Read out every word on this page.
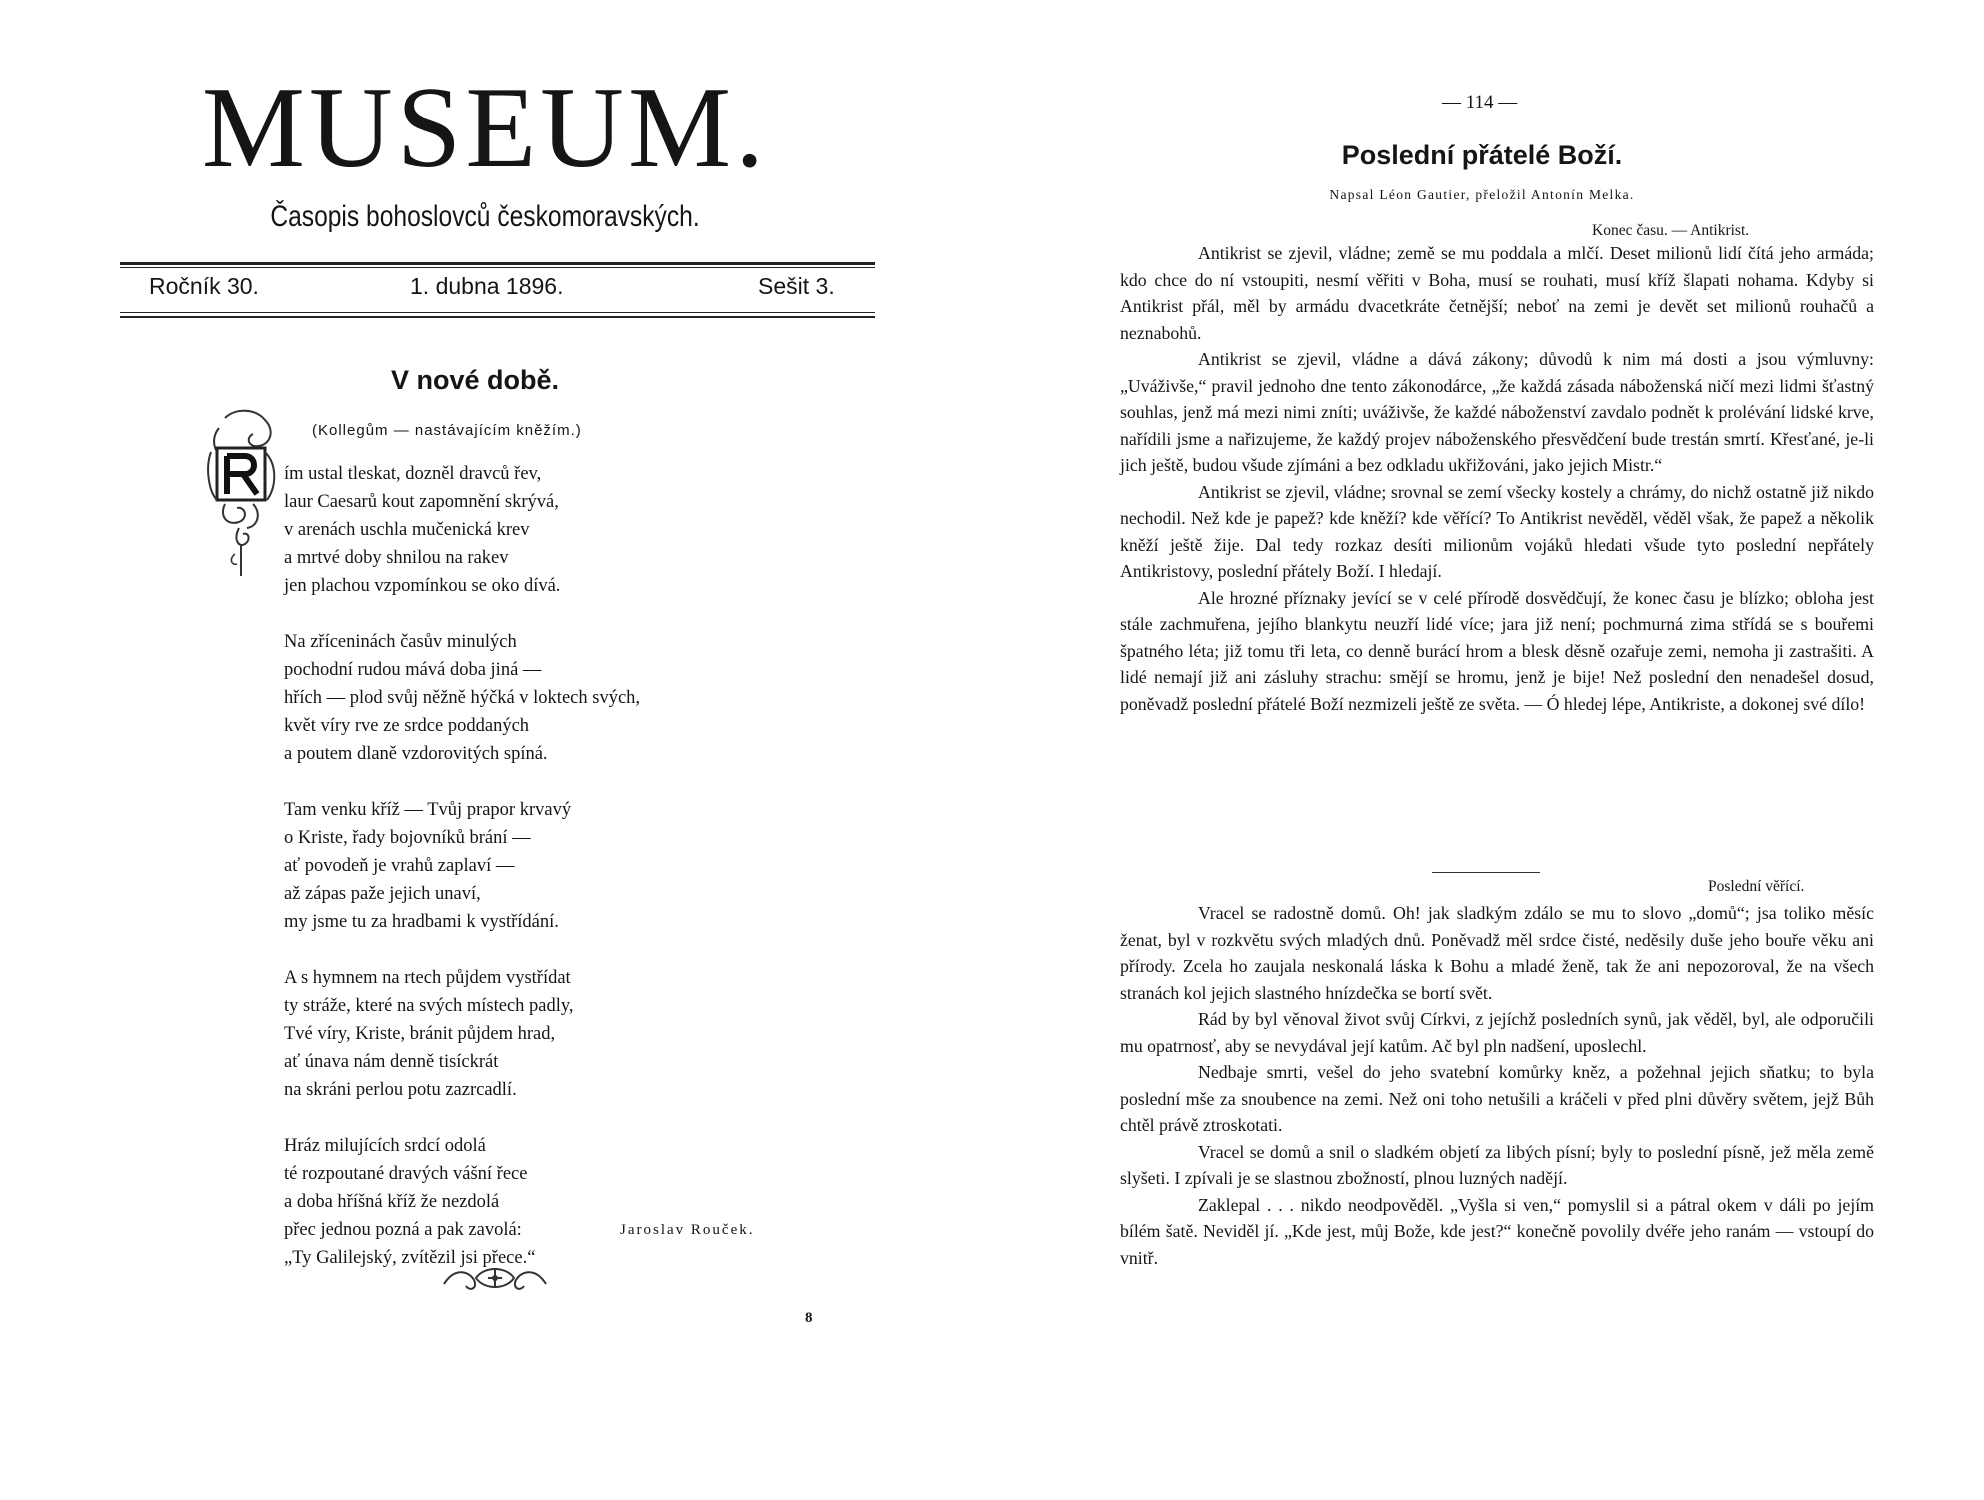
MUSEUM.
Časopis bohoslovců českomoravských.
Ročník 30.	1. dubna 1896.	Sešit 3.
V nové době.
(Kollegům — nastávajícím kněžím.)
ím ustal tleskat, dozněl dravců řev,
laur Caesarů kout zapomnění skrývá,
v arenách uschla mučenická krev
a mrtvé doby shnilou na rakev
jen plachou vzpomínkou se oko dívá.
Na zříceninách časův minulých
pochodní rudou mává doba jiná —
hřích — plod svůj něžně hýčká v loktech svých,
květ víry rve ze srdce poddaných
a poutem dlaně vzdorovitých spíná.
Tam venku kříž — Tvůj prapor krvavý
o Kriste, řady bojovníků brání —
ať povodeň je vrahů zaplaví —
až zápas paže jejich unaví,
my jsme tu za hradbami k vystřídání.
A s hymnem na rtech půjdem vystřídat
ty stráže, které na svých místech padly,
Tvé víry, Kriste, bránit půjdem hrad,
ať únava nám denně tisíckrát
na skráni perlou potu zazrcadlí.
Hráz milujících srdcí odolá
té rozpoutané dravých vášní řece
a doba hříšná kříž že nezdolá
přec jednou pozná a pak zavolá:
„Ty Galilejský, zvítězil jsi přece.“
Jaroslav Rouček.
8
— 114 —
Poslední přátelé Boží.
Napsal Léon Gautier, přeložil Antonín Melka.
Konec času. — Antikrist.

Antikrist se zjevil, vládne; země se mu poddala a mlčí. Deset milionů lidí čítá jeho armáda; kdo chce do ní vstoupiti, nesmí věřiti v Boha, musí se rouhati, musí kříž šlapati nohama. Kdyby si Antikrist přál, měl by armádu dvacetkráte četnější; neboť na zemi je devět set milionů rouhačů a neznabohů.

Antikrist se zjevil, vládne a dává zákony; důvodů k nim má dosti a jsou výmluvny: „Uváživše,“ pravil jednoho dne tento zákonodárce, „že každá zásada náboženská ničí mezi lidmi šťastný souhlas, jenž má mezi nimi zníti; uváživše, že každé náboženství zavdalo podnět k prolévání lidské krve, nařídili jsme a nařizujeme, že každý projev náboženského přesvědčení bude trestán smrtí. Křesťané, je-li jich ještě, budou všude zjímáni a bez odkladu ukřižováni, jako jejich Mistr.“

Antikrist se zjevil, vládne; srovnal se zemí všecky kostely a chrámy, do nichž ostatně již nikdo nechodil. Než kde je papež? kde kněží? kde věřící? To Antikrist nevěděl, věděl však, že papež a několik kněží ještě žije. Dal tedy rozkaz desíti milionům vojáků hledati všude tyto poslední nepřátely Antikristovy, poslední přátely Boží. I hledají.

Ale hrozné příznaky jevící se v celé přírodě dosvědčují, že konec času je blízko; obloha jest stále zachmuřena, jejího blankytu neuzří lidé více; jara již není; pochmurná zima střídá se s bouřemi špatného léta; již tomu tři leta, co denně burácí hrom a blesk děsně ozařuje zemi, nemoha ji zastrašiti. A lidé nemají již ani zásluhy strachu: smějí se hromu, jenž je bije! Než poslední den nenadešel dosud, poněvadž poslední přátelé Boží nezmizeli ještě ze světa. — Ó hledej lépe, Antikriste, a dokonej své dílo!

Poslední věřící.

Vracel se radostně domů. Oh! jak sladkým zdálo se mu to slovo „domů“; jsa toliko měsíc ženat, byl v rozkvětu svých mladých dnů. Poněvadž měl srdce čisté, neděsily duše jeho bouře věku ani přírody. Zcela ho zaujala neskonalá láska k Bohu a mladé ženě, tak že ani nepozoroval, že na všech stranách kol jejich slastného hnízdečka se bortí svět.

Rád by byl věnoval život svůj Církvi, z jejíchž posledních synů, jak věděl, byl, ale odporučili mu opatrnosť, aby se nevydával její katům. Ač byl pln nadšení, uposlechl.

Nedbaje smrti, vešel do jeho svatební komůrky kněz, a požehnal jejich sňatku; to byla poslední mše za snoubence na zemi. Než oni toho netušili a kráčeli v před plni důvěry světem, jejž Bůh chtěl právě ztroskotati.

Vracel se domů a snil o sladkém objetí za libých písní; byly to poslední písně, jež měla země slyšeti. I zpívali je se slastnou zbožností, plnou luzných nadějí.

Zaklepal . . . nikdo neodpověděl. „Vyšla si ven,“ pomyslil si a pátral okem v dáli po jejím bílém šatě. Neviděl jí. „Kde jest, můj Bože, kde jest?“ konečně povolily dvéře jeho ranám — vstoupí do vnitř.
